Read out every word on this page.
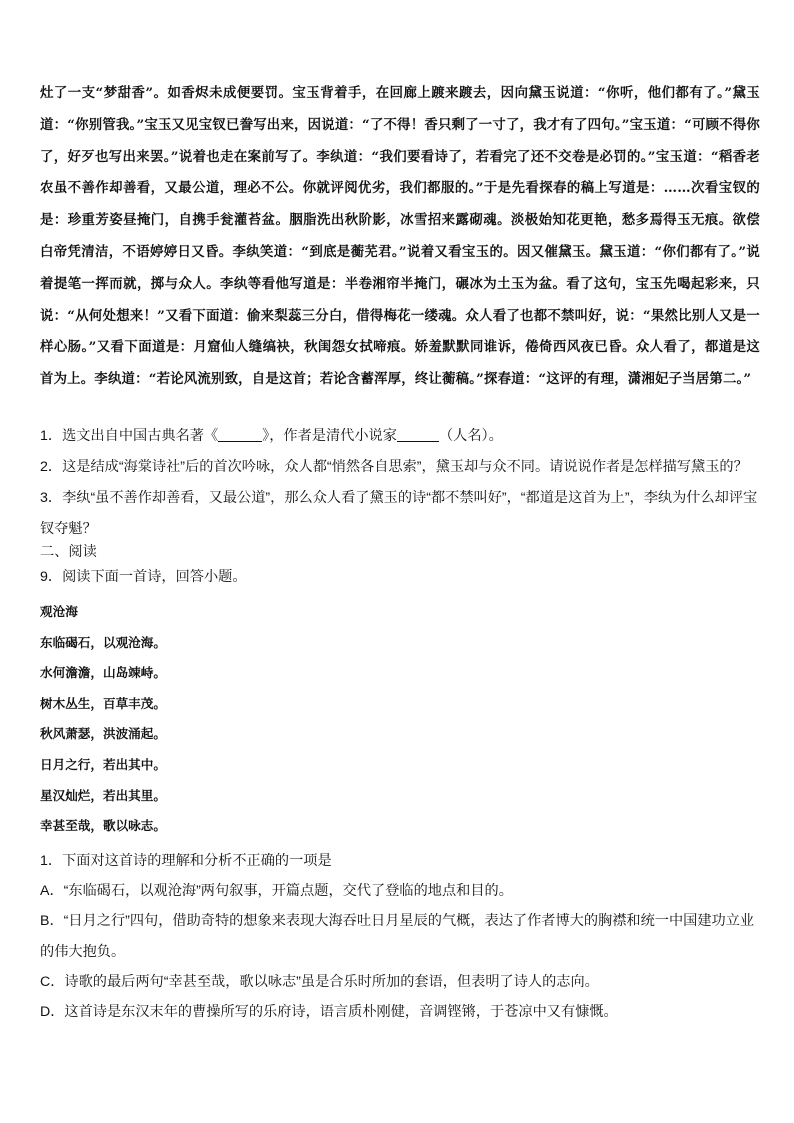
灶了一支“梦甜香”。如香烬未成便要罚。宝玉背着手，在回廊上踱来踱去，因向黛玉说道：“你听，他们都有了。”黛玉道：“你别管我。”宝玉又见宝钗已誊写出来，因说道：“了不得！香只剩了一寸了，我才有了四句。”宝玉道：“可顾不得你了，好歹也写出来罢。”说着也走在案前写了。李纨道：“我们要看诗了，若看完了还不交卷是必罚的。”宝玉道：“稻香老农虽不善作却善看，又最公道，理必不公。你就评阅优劣，我们都服的。”于是先看探春的稿上写道是：……次看宝钗的是：珍重芳姿昼掩门，自携手瓮灌苔盆。胭脂洗出秋阶影，冰雪招来露砌魂。淡极始知花更艳，愁多焉得玉无痕。欲偿白帝凭清洁，不语婷婷日又昏。李纨笑道：“到底是蘅芜君。”说着又看宝玉的。因又催黛玉。黛玉道：“你们都有了。”说着提笔一挥而就，掷与众人。李纨等看他写道是：半卷湘帘半掩门，碾冰为土玉为盆。看了这句，宝玉先喝起彩来，只说：“从何处想来！”又看下面道：偷来梨蕊三分白，借得梅花一缕魂。众人看了也都不禁叫好，说：“果然比别人又是一样心肠。”又看下面道是：月窟仙人缝缟袂，秋闺怨女拭啼痕。娇羞默默同谁诉，倦倚西风夜已昏。众人看了，都道是这首为上。李纨道：“若论风流别致，自是这首；若论含蓄浑厚，终让蘅稿。”探春道：“这评的有理，潇湘妃子当居第二。”

1．选文出自中国古典名著《	》，作者是清代小说家	（人名）。

2．这是结成“海棠诗社”后的首次吟咏，众人都“悄然各自思索”，黛玉却与众不同。请说说作者是怎样描写黛玉的？

3．李纨“虽不善作却善看，又最公道”，那么众人看了黛玉的诗“都不禁叫好”，“都道是这首为上”，李纨为什么却评宝钗夺魁？

二、阅读

9．阅读下面一首诗，回答小题。

观沧海
东临碣石，以观沧海。
水何澹澹，山岛竦峙。
树木丛生，百草丰茂。
秋风萧瑟，洪波涌起。
日月之行，若出其中。
星汉灿烂，若出其里。
幸甚至哉，歌以咏志。

1．下面对这首诗的理解和分析不正确的一项是

A．“东临碣石，以观沧海”两句叙事，开篇点题，交代了登临的地点和目的。

B．“日月之行”四句，借助奇特的想象来表现大海吞吐日月星辰的气概，表达了作者博大的胸襟和统一中国建功立业的伟大抱负。

C．诗歌的最后两句“幸甚至哉，歌以咏志”虽是合乐时所加的套语，但表明了诗人的志向。

D．这首诗是东汉末年的曹操所写的乐府诗，语言质朴刚健，音调铿锵，于苍凉中又有慷慨。
